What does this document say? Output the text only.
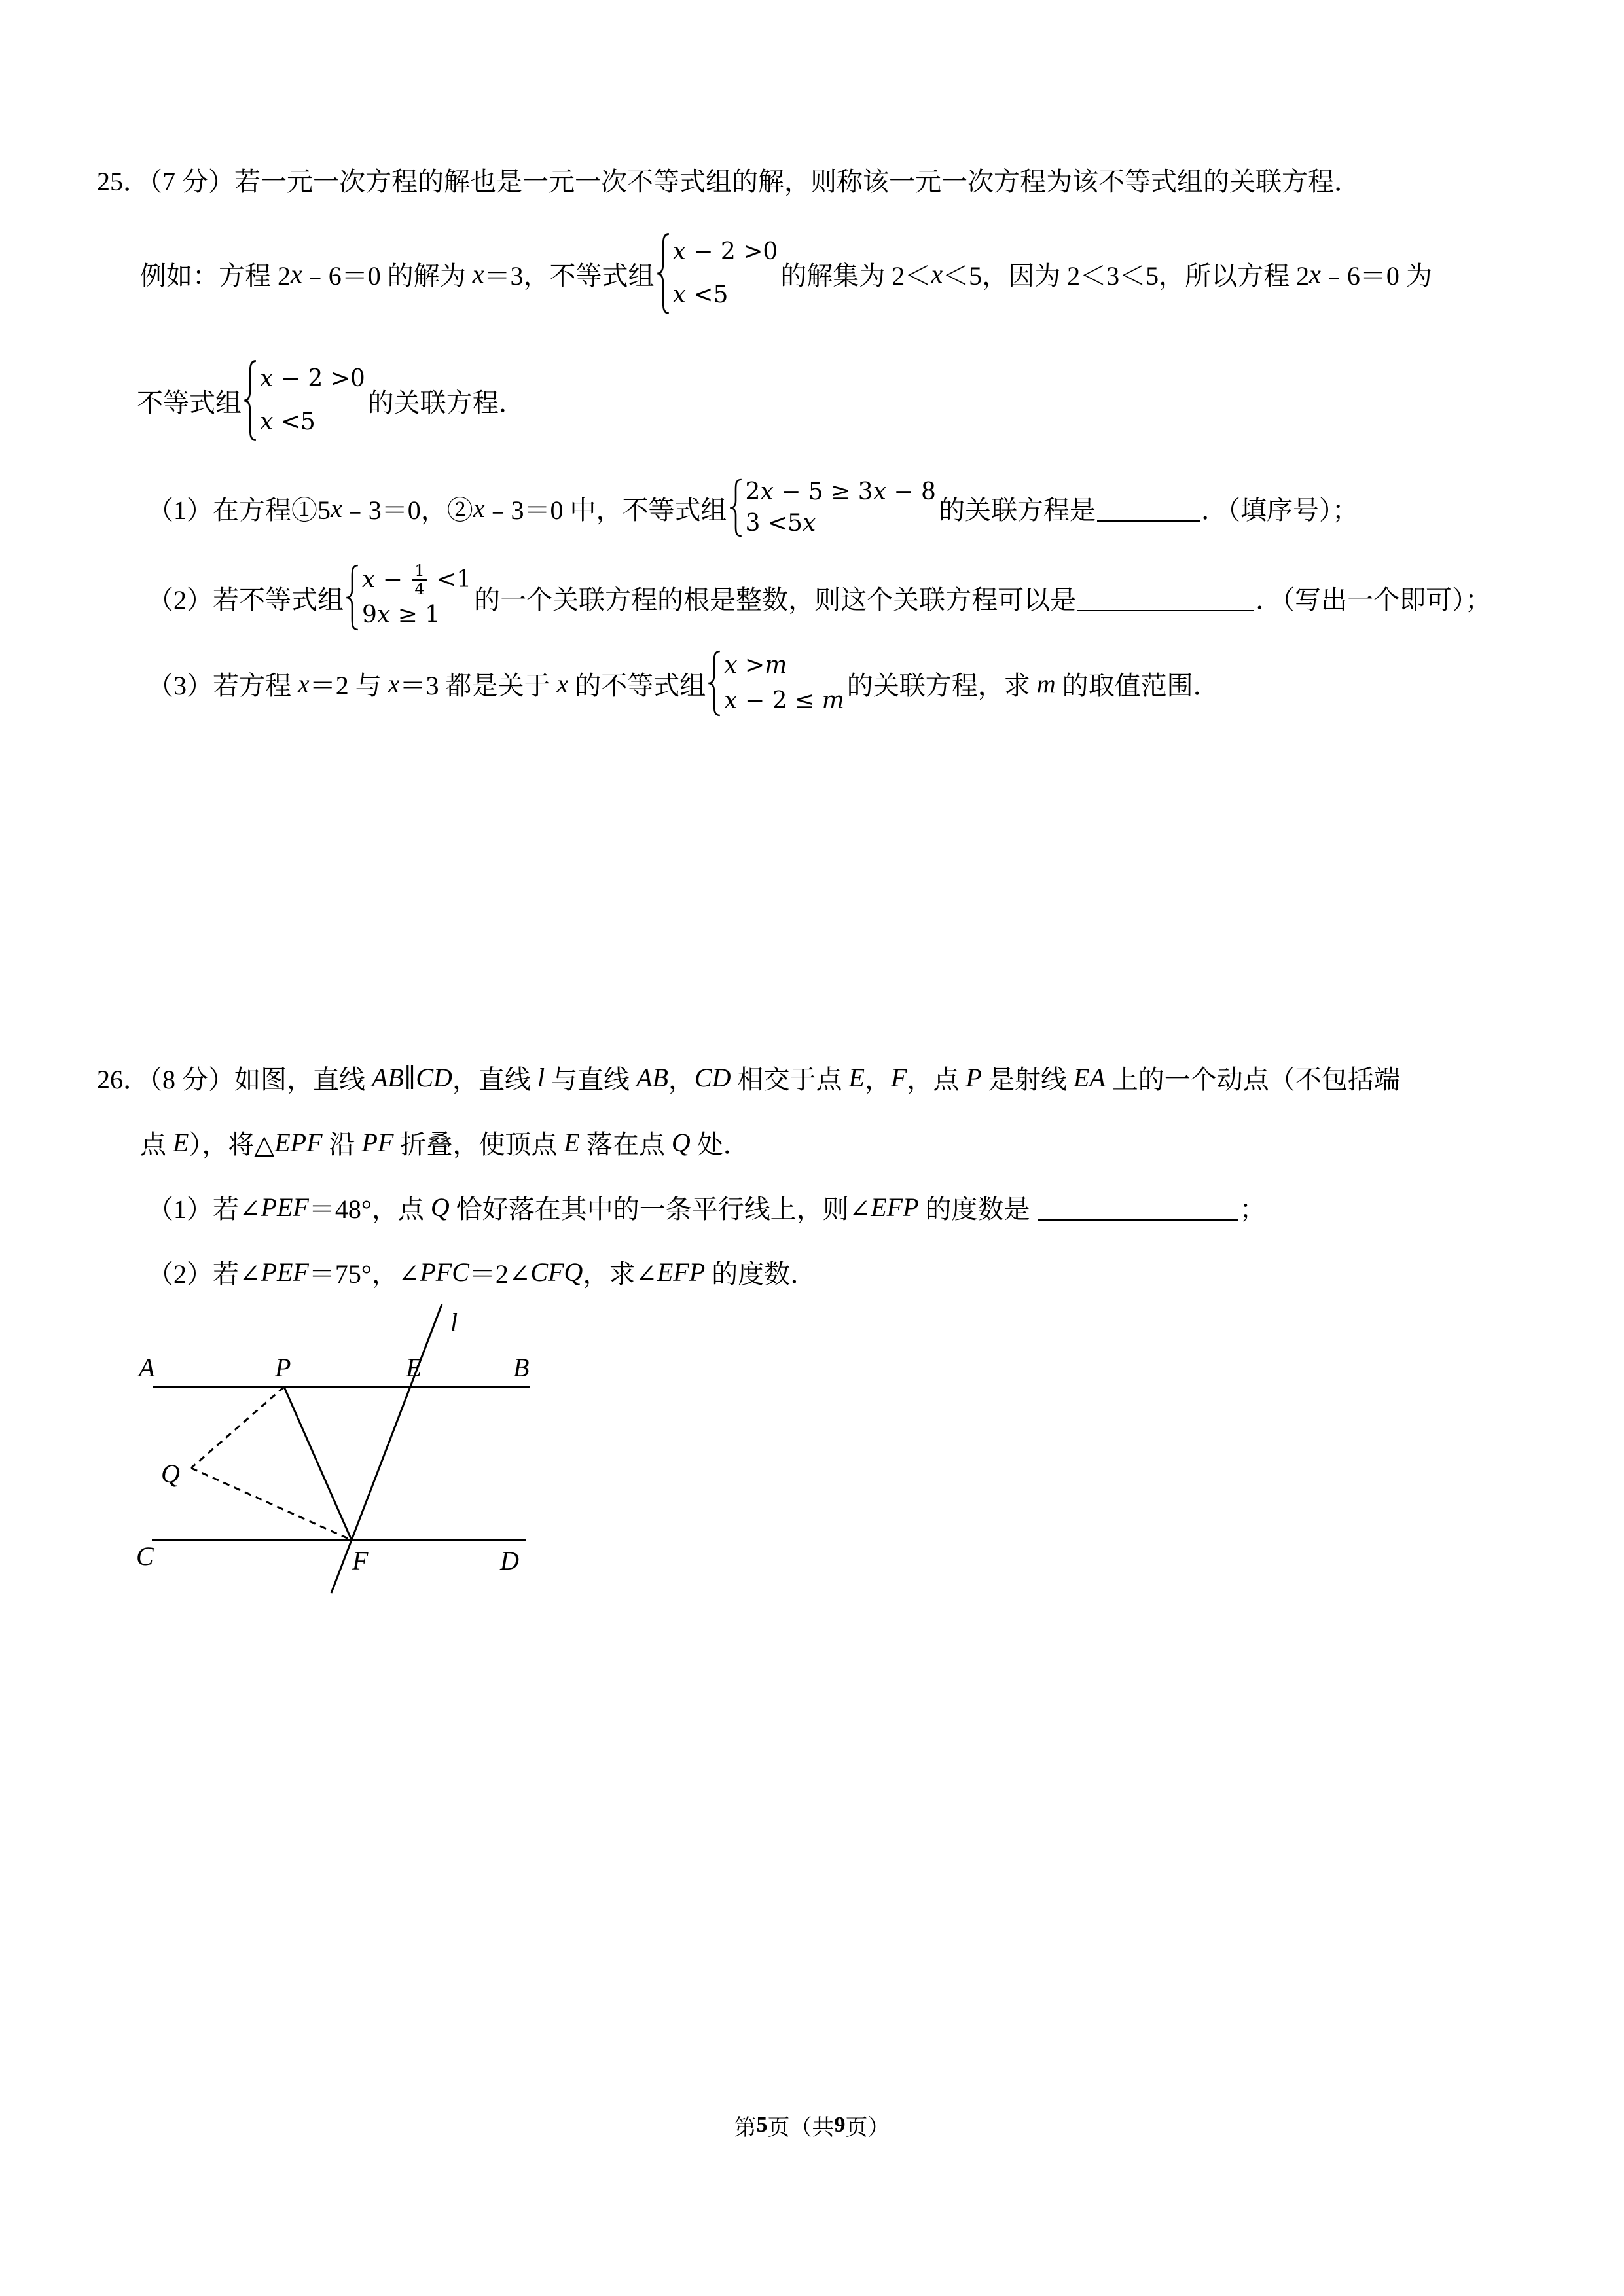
25．（7 分）若一元一次方程的解也是一元一次不等式组的解，则称该一元一次方程为该不等式组的关联方程．
例如：方程 2 x ﹣6＝0 的解为 x ＝3，不等式组
x − 2 >0
x <5
的解集为 2＜ x ＜5，因为 2＜3＜5，所以方程 2 x ﹣6＝0 为
不等式组
x − 2 >0
x <5
的关联方程．
（1）在方程①5 x ﹣3＝0，② x ﹣3＝0 中，不等式组
2 x − 5 ≥ 3 x − 8
3 <5 x	的关联方程是	．（填序号）；
（2）若不等式组
$x - \frac{1}{4} <1$
9 x ≥ 1
的一个关联方程的根是整数，则这个关联方程可以是	．（写出一个即可）；
（3）若方程 x ＝2 与 x ＝3 都是关于 x 的不等式组
x > m
x − 2 ≤ m
的关联方程，求 m 的取值范围．
26．（8 分）如图，直线 AB ∥ CD ，直线 l 与直线 AB ， CD 相交于点 E ， F ，点 P 是射线 EA 上的一个动点（不包括端
点 E ），将△ EPF 沿 PF 折叠，使顶点 E 落在点 Q 处．
（1）若∠ PEF ＝48°，点 Q 恰好落在其中的一条平行线上，则∠ EFP 的度数是	；
（2）若∠ PEF ＝75°，∠ PFC ＝2∠ CFQ ，求∠ EFP 的度数．
l
A	P	E	B
Q
C	F	D
第 5 页（共 9 页）
